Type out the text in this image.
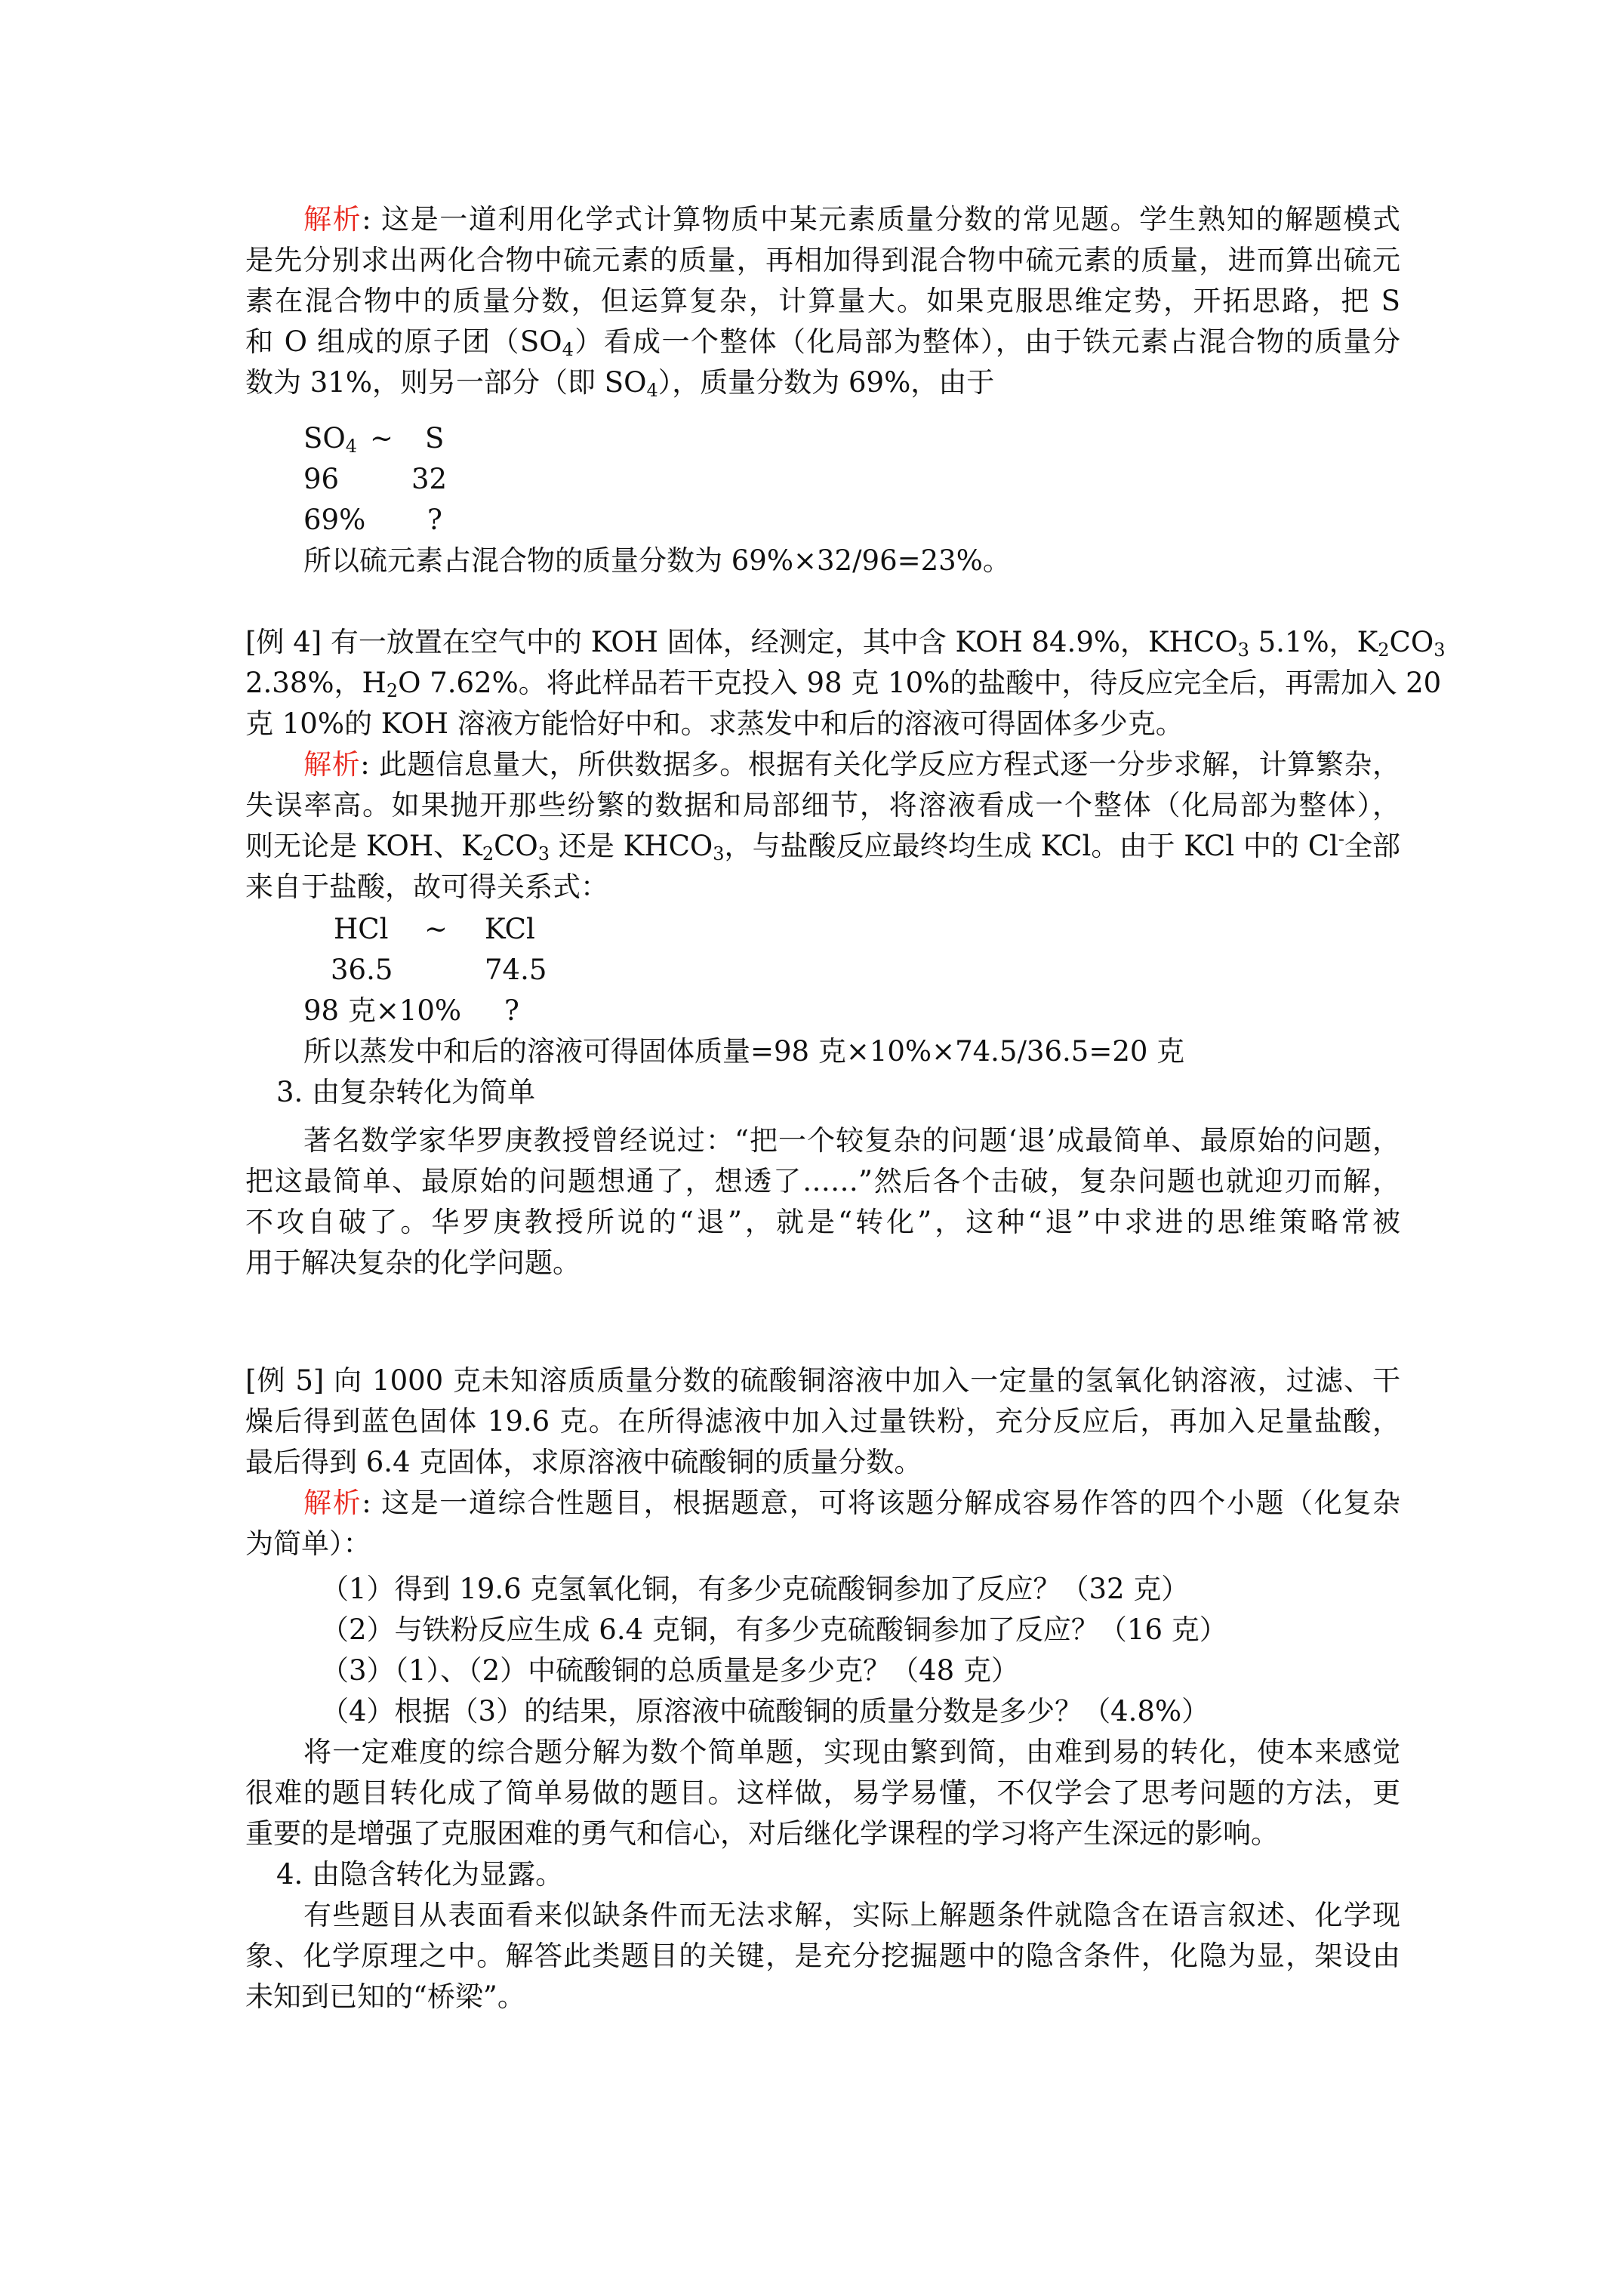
解析: 这是一道利用化学式计算物质中某元素质量分数的常见题。学生熟知的解题模式
是先分别求出两化合物中硫元素的质量，再相加得到混合物中硫元素的质量，进而算出硫元
素在混合物中的质量分数，但运算复杂，计算量大。如果克服思维定势，开拓思路，把 S
和 O 组成的原子团$(SO_4)$看成一个整体（化局部为整体），由于铁元素占混合物的质量分
数为 31%，则另一部分（即 $SO_4$），质量分数为 69%，由于
$SO_4$ ~ S
96	32
69% ?
所以硫元素占混合物的质量分数为 69%×32/96=23%。
[例 4] 有一放置在空气中的 KOH 固体，经测定，其中含 KOH 84.9%，$KHCO_3$ 5.1%，$K_2CO_3$
2.38%，$H_2O$ 7.62%。将此样品若干克投入 98 克 10%的盐酸中，待反应完全后，再需加入 20
克 10%的 KOH 溶液方能恰好中和。求蒸发中和后的溶液可得固体多少克。
解析: 此题信息量大，所供数据多。根据有关化学反应方程式逐一分步求解，计算繁杂，
失误率高。如果抛开那些纷繁的数据和局部细节，将溶液看成一个整体（化局部为整体），
则无论是 KOH、$K_2CO_3$ 还是 $KHCO_3$，与盐酸反应最终均生成 KCl。由于 KCl 中的 Cl-全部
来自于盐酸，故可得关系式：
HCl ~ KCl
36.5	74.5
98 克×10% ?
所以蒸发中和后的溶液可得固体质量=98 克×10%×74.5/36.5=20 克
3. 由复杂转化为简单
著名数学家华罗庚教授曾经说过：“把一个较复杂的问题‘退’成最简单、最原始的问题，
把这最简单、最原始的问题想通了，想透了……”然后各个击破，复杂问题也就迎刃而解，
不攻自破了。华罗庚教授所说的“退”，就是“转化”，这种“退”中求进的思维策略常被
用于解决复杂的化学问题。
[例 5] 向 1000 克未知溶质质量分数的硫酸铜溶液中加入一定量的氢氧化钠溶液，过滤、干
燥后得到蓝色固体 19.6 克。在所得滤液中加入过量铁粉，充分反应后，再加入足量盐酸，
最后得到 6.4 克固体，求原溶液中硫酸铜的质量分数。
解析: 这是一道综合性题目，根据题意，可将该题分解成容易作答的四个小题（化复杂
为简单）：
（1）得到 19.6 克氢氧化铜，有多少克硫酸铜参加了反应？（32 克）
（2）与铁粉反应生成 6.4 克铜，有多少克硫酸铜参加了反应？（16 克）
（3）（1）、（2）中硫酸铜的总质量是多少克？（48 克）
（4）根据（3）的结果，原溶液中硫酸铜的质量分数是多少？（4.8%）
将一定难度的综合题分解为数个简单题，实现由繁到简，由难到易的转化，使本来感觉
很难的题目转化成了简单易做的题目。这样做，易学易懂，不仅学会了思考问题的方法，更
重要的是增强了克服困难的勇气和信心，对后继化学课程的学习将产生深远的影响。
4. 由隐含转化为显露。
有些题目从表面看来似缺条件而无法求解，实际上解题条件就隐含在语言叙述、化学现
象、化学原理之中。解答此类题目的关键，是充分挖掘题中的隐含条件，化隐为显，架设由
未知到已知的“桥梁”。
